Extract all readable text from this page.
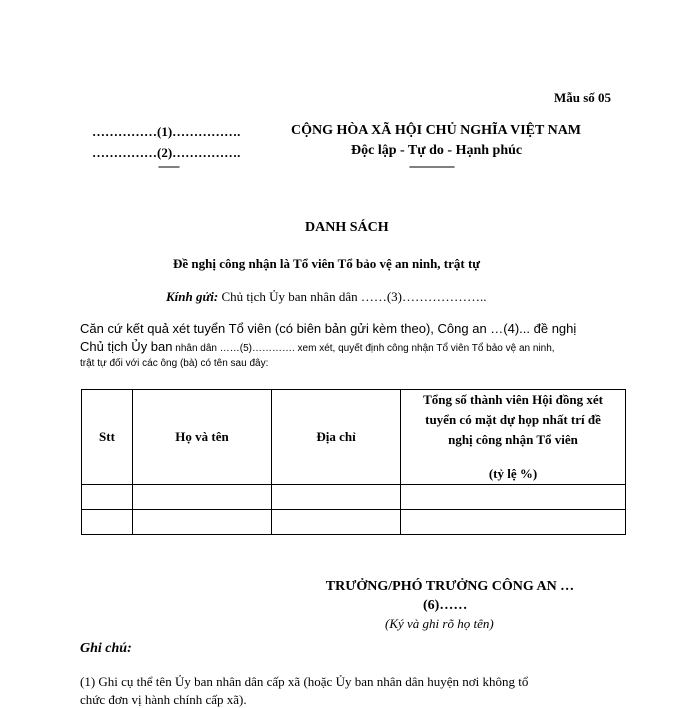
Mẫu số 05
……………(1)…………….
……………(2)…………….
-------
CỘNG HÒA XÃ HỘI CHỦ NGHĨA VIỆT NAM
Độc lập - Tự do - Hạnh phúc
---------------
DANH SÁCH
Đề nghị công nhận là Tổ viên Tổ bảo vệ an ninh, trật tự
Kính gửi: Chủ tịch Ủy ban nhân dân ……(3)………………..
Căn cứ kết quả xét tuyển Tổ viên (có biên bản gửi kèm theo), Công an …(4)... đề nghị
Chủ tịch Ủy ban nhân dân ……(5)…………. xem xét, quyết định công nhận Tổ viên Tổ bảo vệ an ninh,
trật tự đối với các ông (bà) có tên sau đây:
Stt	Họ và tên	Địa chỉ	Tổng số thành viên Hội đồng xét
tuyển có mặt dự họp nhất trí đề
nghị công nhận Tổ viên
(tỷ lệ %)

TRƯỞNG/PHÓ TRƯỞNG CÔNG AN …
(6)……
(Ký và ghi rõ họ tên)
Ghi chú:
(1) Ghi cụ thể tên Ủy ban nhân dân cấp xã (hoặc Ủy ban nhân dân huyện nơi không tổ
chức đơn vị hành chính cấp xã).
